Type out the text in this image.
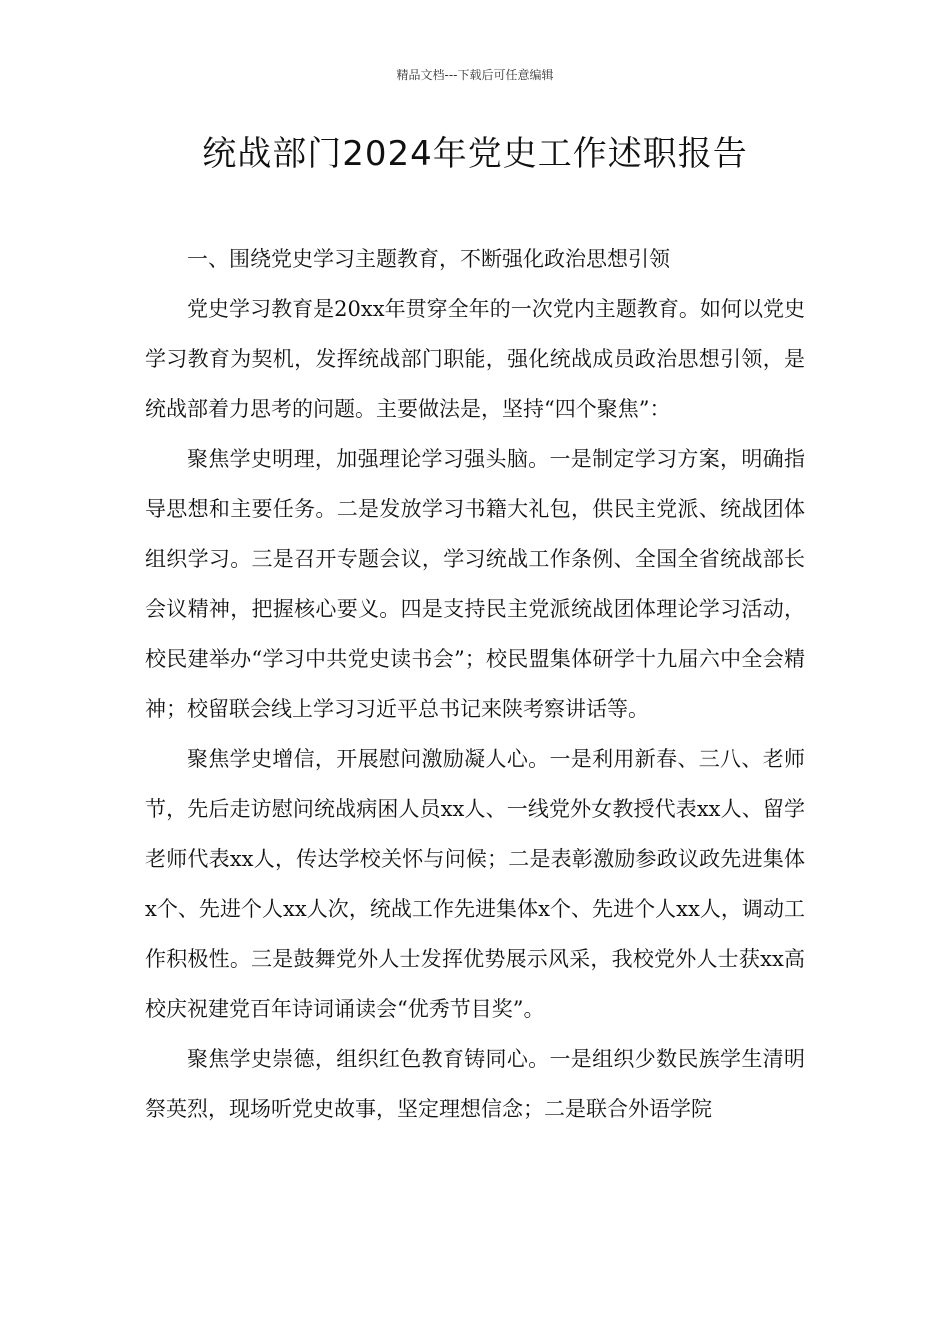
精品文档---下载后可任意编辑
统战部门2024年党史工作述职报告

一、围绕党史学习主题教育，不断强化政治思想引领

党史学习教育是20xx年贯穿全年的一次党内主题教育。如何以党史学习教育为契机，发挥统战部门职能，强化统战成员政治思想引领，是统战部着力思考的问题。主要做法是，坚持“四个聚焦”：

聚焦学史明理，加强理论学习强头脑。一是制定学习方案，明确指导思想和主要任务。二是发放学习书籍大礼包，供民主党派、统战团体组织学习。三是召开专题会议，学习统战工作条例、全国全省统战部长会议精神，把握核心要义。四是支持民主党派统战团体理论学习活动，校民建举办“学习中共党史读书会”；校民盟集体研学十九届六中全会精神；校留联会线上学习习近平总书记来陕考察讲话等。

聚焦学史增信，开展慰问激励凝人心。一是利用新春、三八、老师节，先后走访慰问统战病困人员xx人、一线党外女教授代表xx人、留学老师代表xx人，传达学校关怀与问候；二是表彰激励参政议政先进集体x个、先进个人xx人次，统战工作先进集体x个、先进个人xx人，调动工作积极性。三是鼓舞党外人士发挥优势展示风采，我校党外人士获xx高校庆祝建党百年诗词诵读会“优秀节目奖”。

聚焦学史崇德，组织红色教育铸同心。一是组织少数民族学生清明祭英烈，现场听党史故事，坚定理想信念；二是联合外语学院
